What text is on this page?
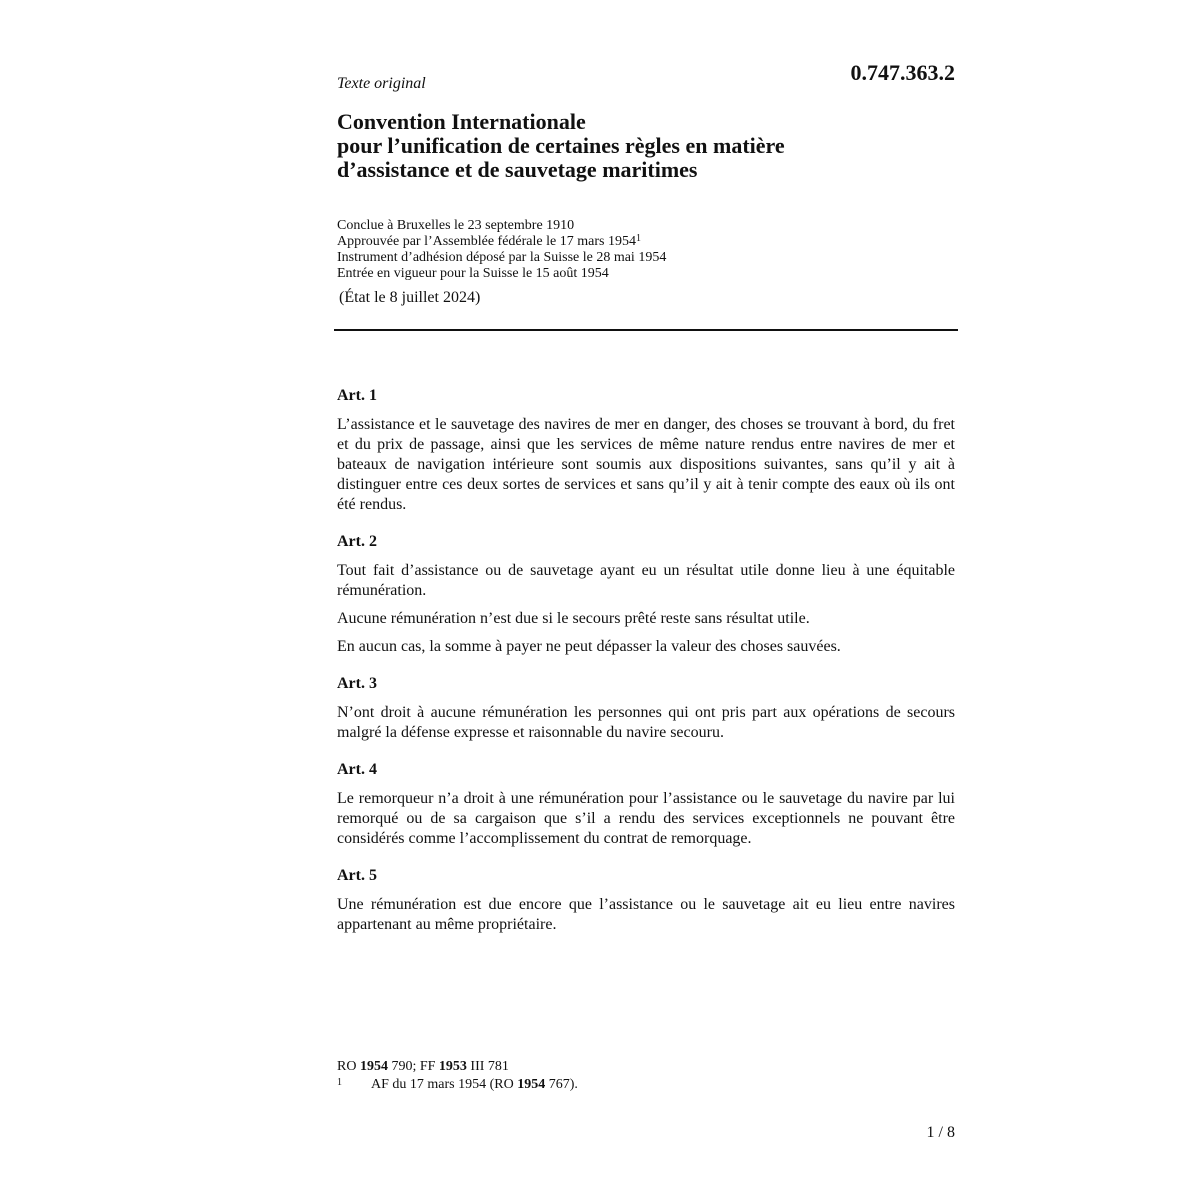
0.747.363.2
Texte original
Convention Internationale
pour l’unification de certaines règles en matière
d’assistance et de sauvetage maritimes
Conclue à Bruxelles le 23 septembre 1910
Approuvée par l’Assemblée fédérale le 17 mars 1954$^1$
Instrument d’adhésion déposé par la Suisse le 28 mai 1954
Entrée en vigueur pour la Suisse le 15 août 1954
(État le 8 juillet 2024)
Art. 1

L’assistance et le sauvetage des navires de mer en danger, des choses se trouvant à bord, du fret et du prix de passage, ainsi que les services de même nature rendus entre navires de mer et bateaux de navigation intérieure sont soumis aux dispositions suivantes, sans qu’il y ait à distinguer entre ces deux sortes de services et sans qu’il y ait à tenir compte des eaux où ils ont été rendus.

Art. 2

Tout fait d’assistance ou de sauvetage ayant eu un résultat utile donne lieu à une équitable rémunération.

Aucune rémunération n’est due si le secours prêté reste sans résultat utile.

En aucun cas, la somme à payer ne peut dépasser la valeur des choses sauvées.

Art. 3

N’ont droit à aucune rémunération les personnes qui ont pris part aux opérations de secours malgré la défense expresse et raisonnable du navire secouru.

Art. 4

Le remorqueur n’a droit à une rémunération pour l’assistance ou le sauvetage du navire par lui remorqué ou de sa cargaison que s’il a rendu des services exceptionnels ne pouvant être considérés comme l’accomplissement du contrat de remorquage.

Art. 5

Une rémunération est due encore que l’assistance ou le sauvetage ait eu lieu entre navires appartenant au même propriétaire.

RO
1954
790; FF
1953
III 781
1	AF du 17 mars 1954 (RO
1954
767).
1 / 8
